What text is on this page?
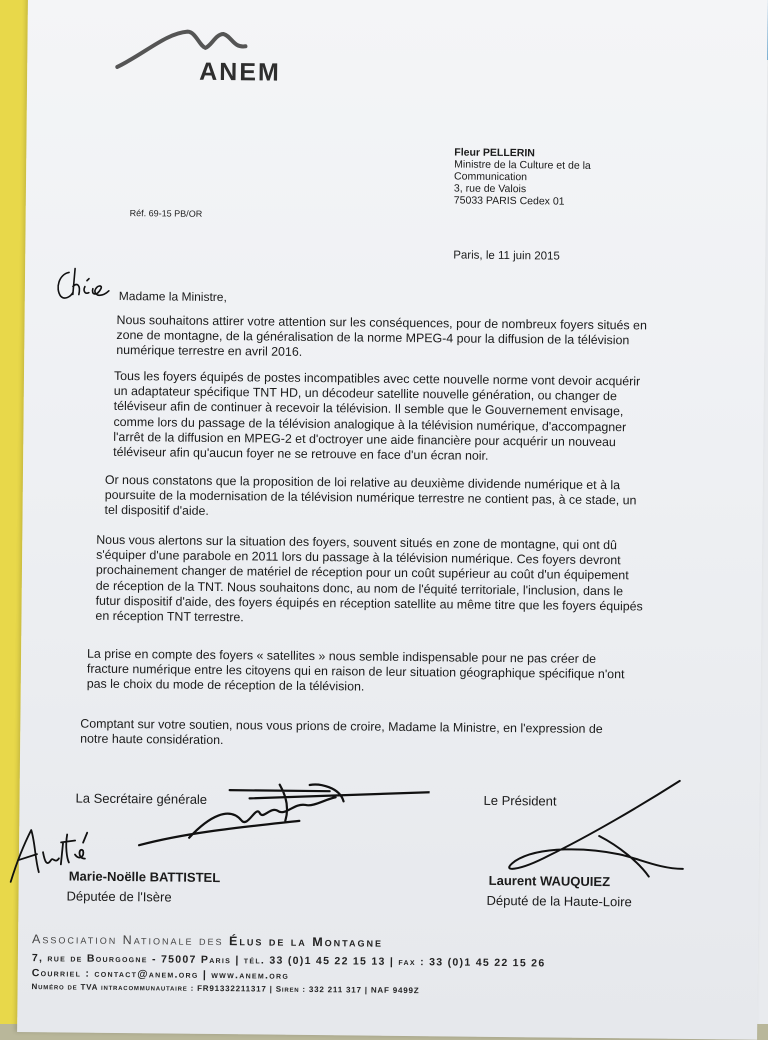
ANEM
Fleur PELLERIN
Ministre de la Culture et de la
Communication
3, rue de Valois
75033 PARIS Cedex 01
Réf. 69-15 PB/OR
Paris, le 11 juin 2015
Madame la Ministre,
Nous souhaitons attirer votre attention sur les conséquences, pour de nombreux foyers situés en
zone de montagne, de la généralisation de la norme MPEG-4 pour la diffusion de la télévision
numérique terrestre en avril 2016.
Tous les foyers équipés de postes incompatibles avec cette nouvelle norme vont devoir acquérir
un adaptateur spécifique TNT HD, un décodeur satellite nouvelle génération, ou changer de
téléviseur afin de continuer à recevoir la télévision. Il semble que le Gouvernement envisage,
comme lors du passage de la télévision analogique à la télévision numérique, d'accompagner
l'arrêt de la diffusion en MPEG-2 et d'octroyer une aide financière pour acquérir un nouveau
téléviseur afin qu'aucun foyer ne se retrouve en face d'un écran noir.
Or nous constatons que la proposition de loi relative au deuxième dividende numérique et à la
poursuite de la modernisation de la télévision numérique terrestre ne contient pas, à ce stade, un
tel dispositif d'aide.
Nous vous alertons sur la situation des foyers, souvent situés en zone de montagne, qui ont dû
s'équiper d'une parabole en 2011 lors du passage à la télévision numérique. Ces foyers devront
prochainement changer de matériel de réception pour un coût supérieur au coût d'un équipement
de réception de la TNT. Nous souhaitons donc, au nom de l'équité territoriale, l'inclusion, dans le
futur dispositif d'aide, des foyers équipés en réception satellite au même titre que les foyers équipés
en réception TNT terrestre.
La prise en compte des foyers « satellites » nous semble indispensable pour ne pas créer de
fracture numérique entre les citoyens qui en raison de leur situation géographique spécifique n'ont
pas le choix du mode de réception de la télévision.
Comptant sur votre soutien, nous vous prions de croire, Madame la Ministre, en l'expression de
notre haute considération.
La Secrétaire générale	Le Président
Marie-Noëlle BATTISTEL
Députée de l'Isère
Laurent WAUQUIEZ
Député de la Haute-Loire
Association Nationale des Élus de la Montagne
7, rue de Bourgogne - 75007 Paris | tél. 33 (0)1 45 22 15 13 | fax : 33 (0)1 45 22 15 26
Courriel : contact@anem.org | www.anem.org
Numéro de TVA intracommunautaire : FR91332211317 | Siren : 332 211 317 | NAF 9499Z
